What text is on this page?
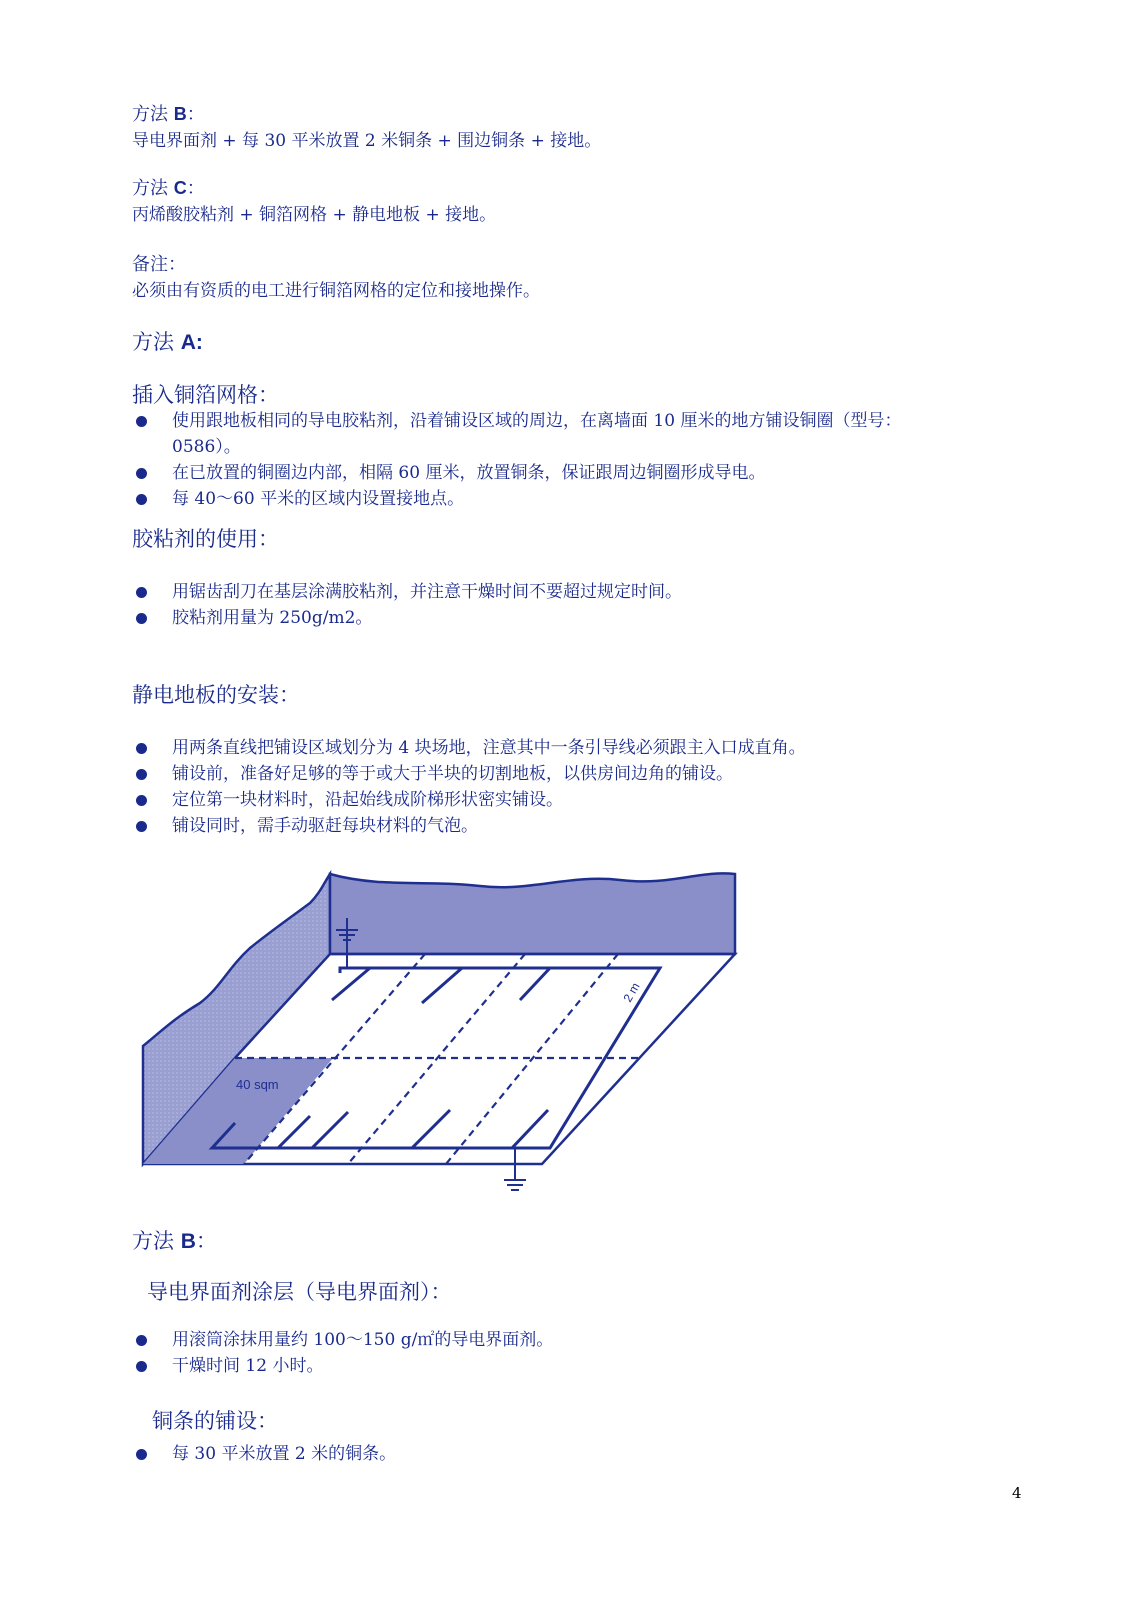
方法 B：
导电界面剂 + 每 30 平米放置 2 米铜条 + 围边铜条 + 接地。
方法 C：
丙烯酸胶粘剂 + 铜箔网格 + 静电地板 + 接地。
备注：
必须由有资质的电工进行铜箔网格的定位和接地操作。
方法 A:
插入铜箔网格：
使用跟地板相同的导电胶粘剂，沿着铺设区域的周边，在离墙面 10 厘米的地方铺设铜圈（型号：
0586）。
在已放置的铜圈边内部，相隔 60 厘米，放置铜条，保证跟周边铜圈形成导电。
每 40～60 平米的区域内设置接地点。
胶粘剂的使用：
用锯齿刮刀在基层涂满胶粘剂，并注意干燥时间不要超过规定时间。
胶粘剂用量为 250g/m2。
静电地板的安装：
用两条直线把铺设区域划分为 4 块场地，注意其中一条引导线必须跟主入口成直角。
铺设前，准备好足够的等于或大于半块的切割地板，以供房间边角的铺设。
定位第一块材料时，沿起始线成阶梯形状密实铺设。
铺设同时，需手动驱赶每块材料的气泡。
40 sqm
2 m
方法 B：
导电界面剂涂层（导电界面剂）：
用滚筒涂抹用量约 100～150 g/㎡的导电界面剂。
干燥时间 12 小时。
铜条的铺设：
每 30 平米放置 2 米的铜条。
4
